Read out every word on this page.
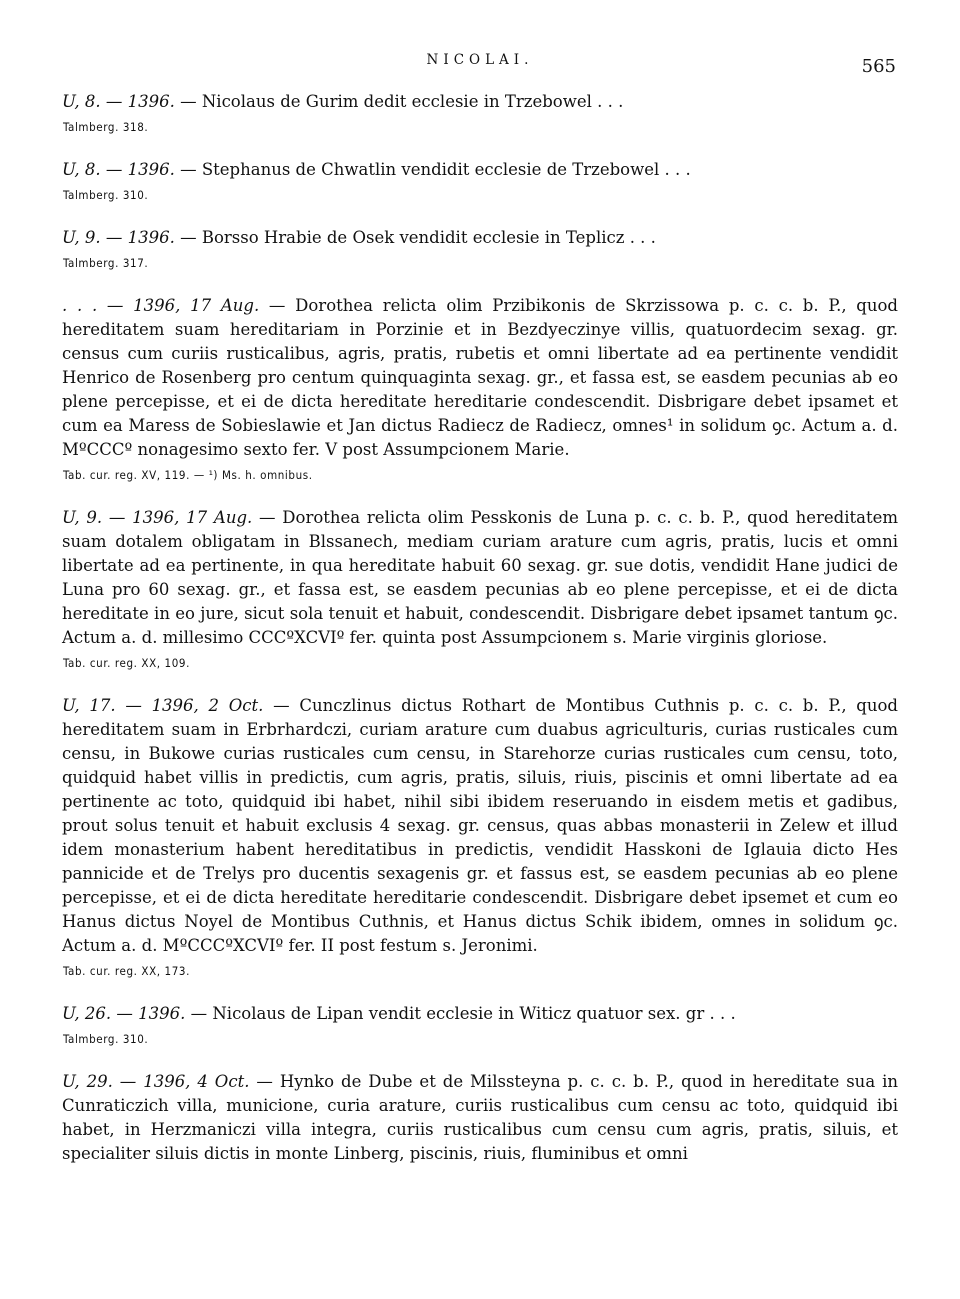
NICOLAI.	565
U, 8. — 1396. — Nicolaus de Gurim dedit ecclesie in Trzebowel . . .
Talmberg. 318.
U, 8. — 1396. — Stephanus de Chwatlin vendidit ecclesie de Trzebowel . . .
Talmberg. 310.
U, 9. — 1396. — Borsso Hrabie de Osek vendidit ecclesie in Teplicz . . .
Talmberg. 317.
. . . — 1396, 17 Aug. — Dorothea relicta olim Przibikonis de Skrzissowa p. c. c. b. P., quod hereditatem suam hereditariam in Porzinie et in Bezdyeczinye villis, quatuordecim sexag. gr. census cum curiis rusticalibus, agris, pratis, rubetis et omni libertate ad ea pertinente vendidit Henrico de Rosenberg pro centum quinquaginta sexag. gr., et fassa est, se easdem pecunias ab eo plene percepisse, et ei de dicta hereditate hereditarie condescendit. Disbrigare debet ipsamet et cum ea Maress de Sobieslawie et Jan dictus Radiecz de Radiecz, omnes¹ in solidum ꝯc. Actum a. d. MºCCCº nonagesimo sexto fer. V post Assumpcionem Marie.
Tab. cur. reg. XV, 119. — ¹) Ms. h. omnibus.
U, 9. — 1396, 17 Aug. — Dorothea relicta olim Pesskonis de Luna p. c. c. b. P., quod hereditatem suam dotalem obligatam in Blssanech, mediam curiam arature cum agris, pratis, lucis et omni libertate ad ea pertinente, in qua hereditate habuit 60 sexag. gr. sue dotis, vendidit Hane judici de Luna pro 60 sexag. gr., et fassa est, se easdem pecunias ab eo plene percepisse, et ei de dicta hereditate in eo jure, sicut sola tenuit et habuit, condescendit. Disbrigare debet ipsamet tantum ꝯc. Actum a. d. millesimo CCCºXCVIº fer. quinta post Assumpcionem s. Marie virginis gloriose.
Tab. cur. reg. XX, 109.
U, 17. — 1396, 2 Oct. — Cunczlinus dictus Rothart de Montibus Cuthnis p. c. c. b. P., quod hereditatem suam in Erbrhardczi, curiam arature cum duabus agriculturis, curias rusticales cum censu, in Bukowe curias rusticales cum censu, in Starehorze curias rusticales cum censu, toto, quidquid habet villis in predictis, cum agris, pratis, siluis, riuis, piscinis et omni libertate ad ea pertinente ac toto, quidquid ibi habet, nihil sibi ibidem reseruando in eisdem metis et gadibus, prout solus tenuit et habuit exclusis 4 sexag. gr. census, quas abbas monasterii in Zelew et illud idem monasterium habent hereditatibus in predictis, vendidit Hasskoni de Iglauia dicto Hes pannicide et de Trelys pro ducentis sexagenis gr. et fassus est, se easdem pecunias ab eo plene percepisse, et ei de dicta hereditate hereditarie condescendit. Disbrigare debet ipsemet et cum eo Hanus dictus Noyel de Montibus Cuthnis, et Hanus dictus Schik ibidem, omnes in solidum ꝯc. Actum a. d. MºCCCºXCVIº fer. II post festum s. Jeronimi.
Tab. cur. reg. XX, 173.
U, 26. — 1396. — Nicolaus de Lipan vendit ecclesie in Witicz quatuor sex. gr . . .
Talmberg. 310.
U, 29. — 1396, 4 Oct. — Hynko de Dube et de Milssteyna p. c. c. b. P., quod in hereditate sua in Cunraticzich villa, municione, curia arature, curiis rusticalibus cum censu ac toto, quidquid ibi habet, in Herzmaniczi villa integra, curiis rusticalibus cum censu cum agris, pratis, siluis, et specialiter siluis dictis in monte Linberg, piscinis, riuis, fluminibus et omni
